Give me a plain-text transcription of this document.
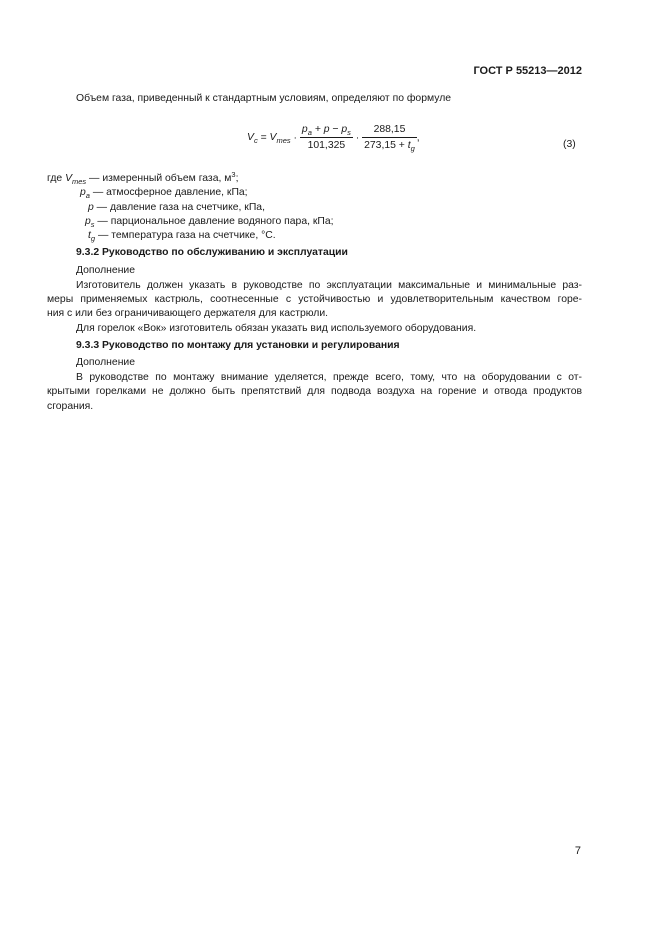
ГОСТ Р 55213—2012
Объем газа, приведенный к стандартным условиям, определяют по формуле
$V_c = V_{mes} \cdot \frac{p_a + p - p_s}{101,325} \cdot \frac{288,15}{273,15 + t_g}$ ,
(3)
где $V_{mes}$ — измеренный объем газа, $м^3$;
$p_a$ — атмосферное давление, кПа;
p — давление газа на счетчике, кПа,
$p_s$ — парциональное давление водяного пара, кПа;
$t_g$ — температура газа на счетчике, °С.
9.3.2 Руководство по обслуживанию и эксплуатации
Дополнение
Изготовитель должен указать в руководстве по эксплуатации максимальные и минимальные раз-
меры применяемых кастрюль, соотнесенные с устойчивостью и удовлетворительным качеством горе-
ния с или без ограничивающего держателя для кастрюли.
Для горелок «Вок» изготовитель обязан указать вид используемого оборудования.
9.3.3 Руководство по монтажу для установки и регулирования
Дополнение
В руководстве по монтажу внимание уделяется, прежде всего, тому, что на оборудовании с от-
крытыми горелками не должно быть препятствий для подвода воздуха на горение и отвода продуктов
сгорания.
7
